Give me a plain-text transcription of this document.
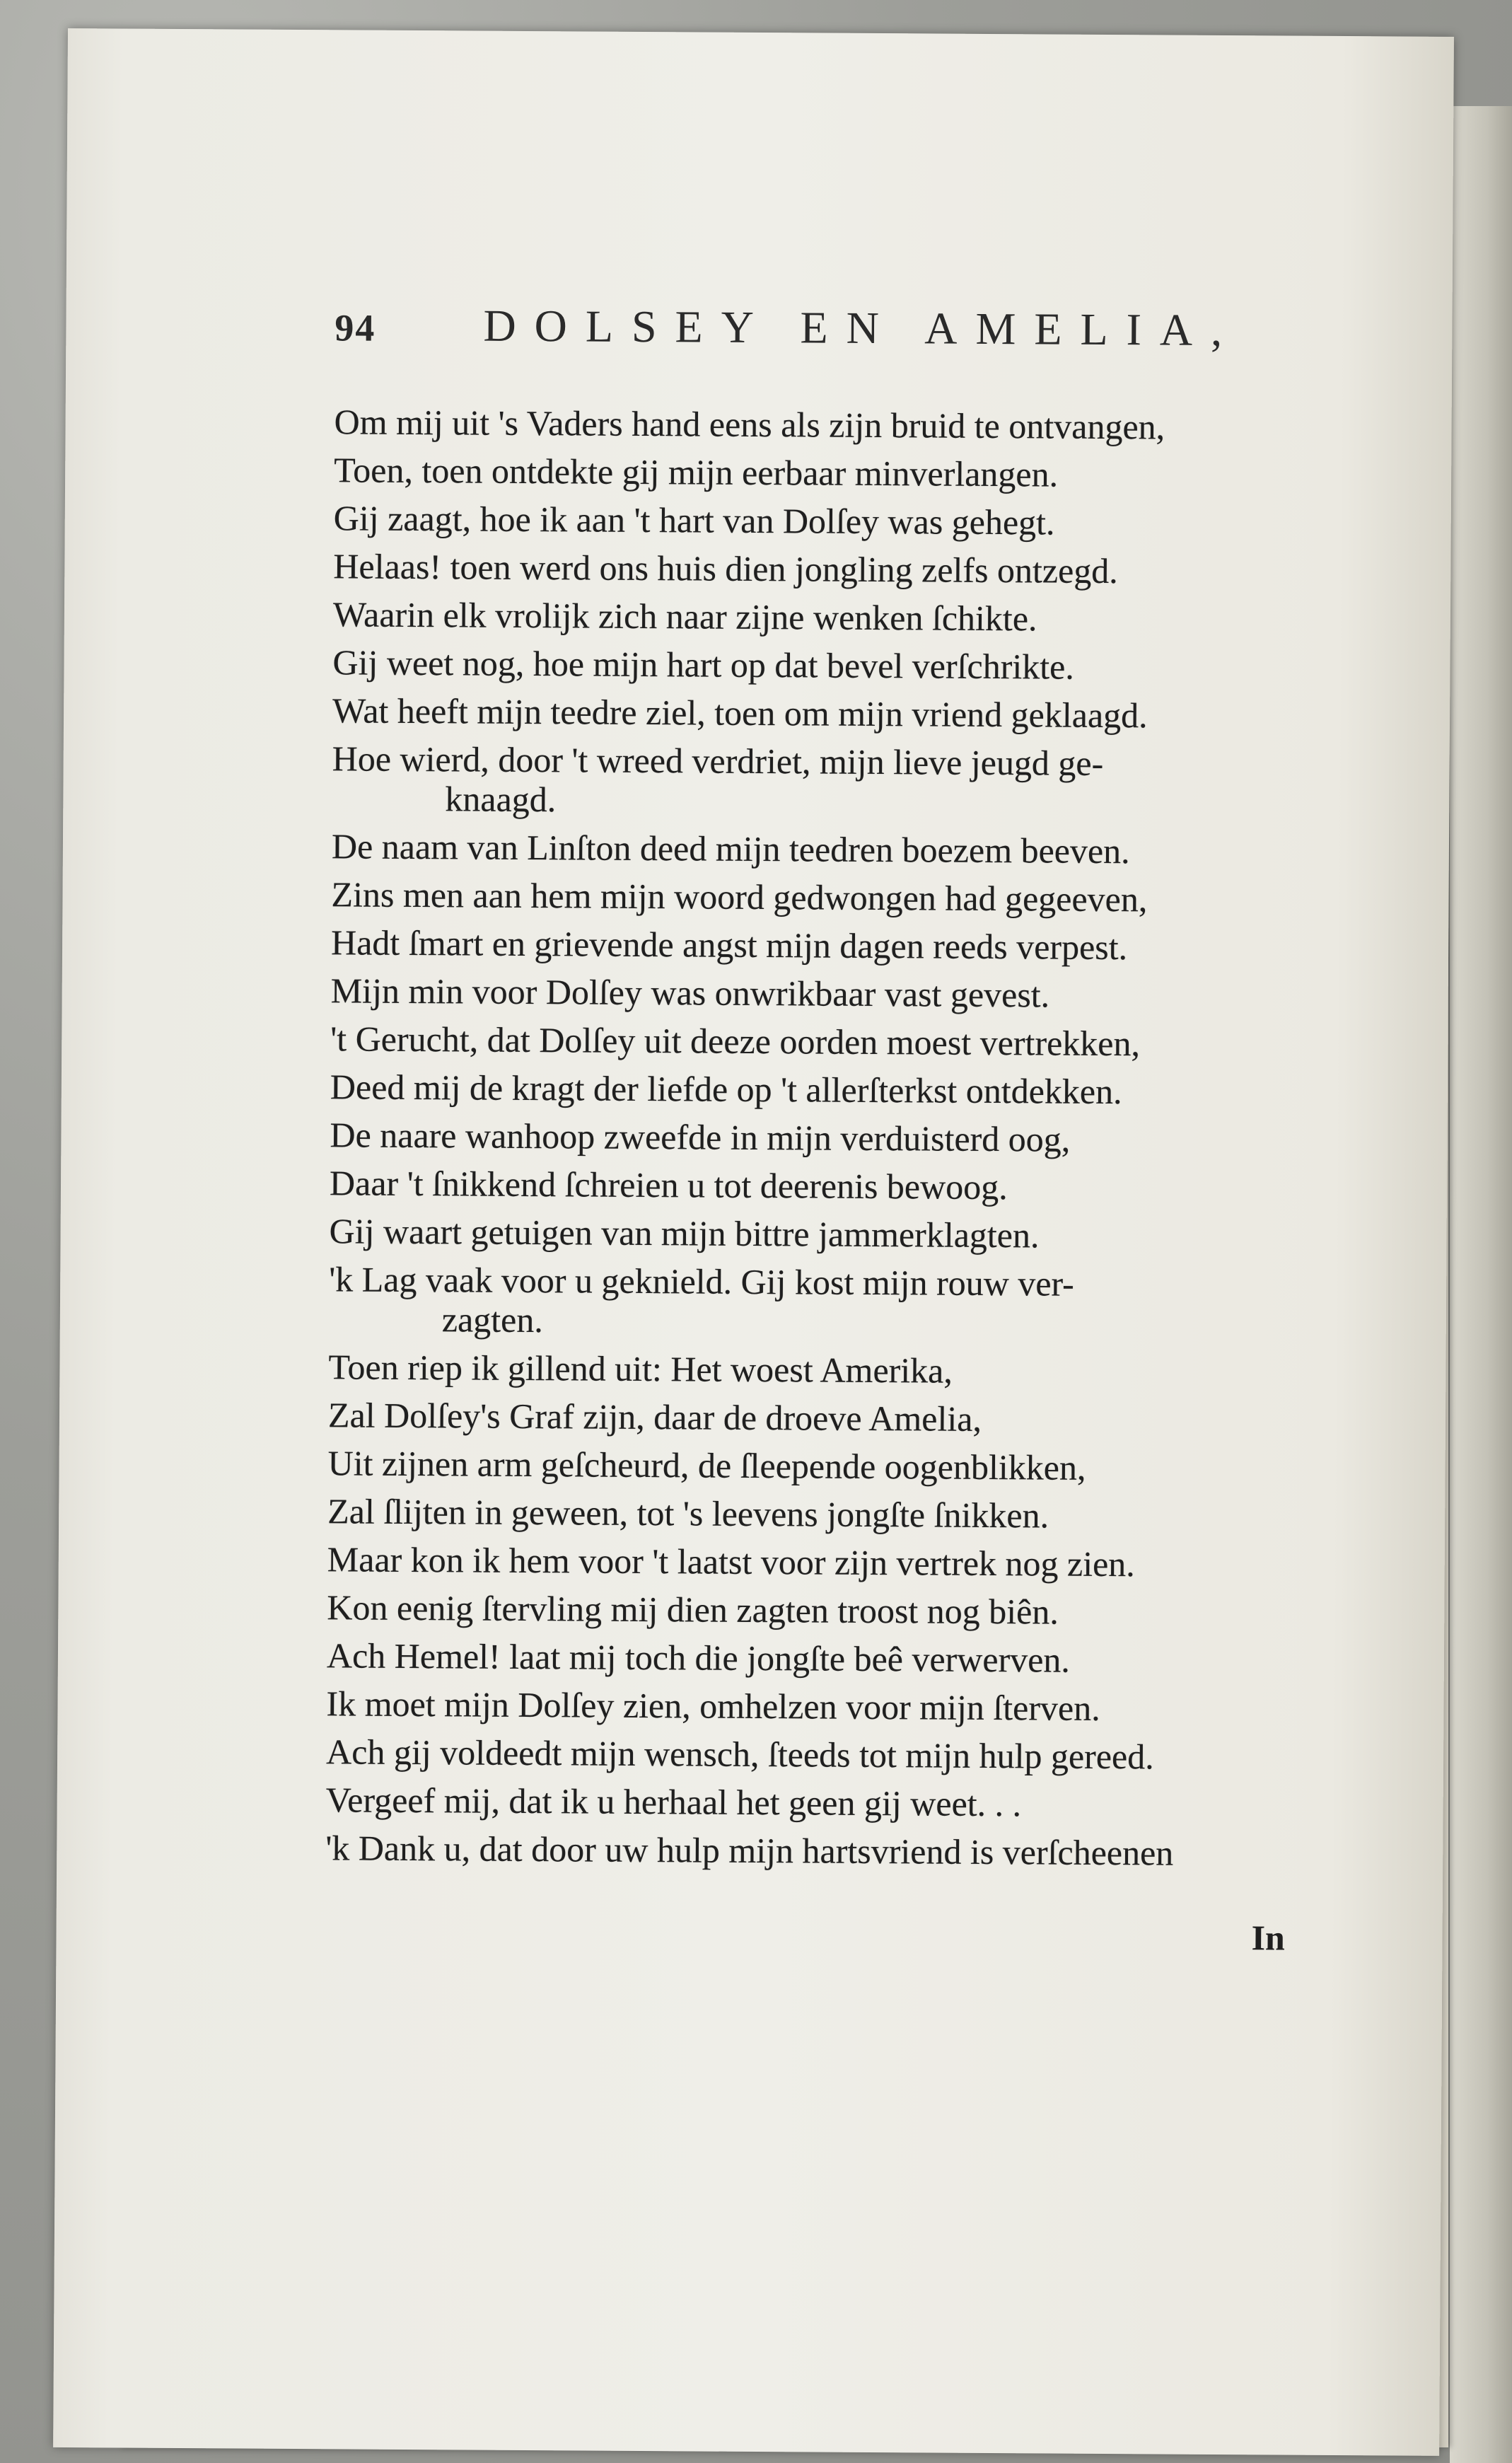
94 DOLSEY EN AMELIA,
Om mij uit 's Vaders hand eens als zijn bruid te ontvangen,
Toen, toen ontdekte gij mijn eerbaar minverlangen.
Gij zaagt, hoe ik aan 't hart van Dolſey was gehegt.
Helaas! toen werd ons huis dien jongling zelfs ontzegd.
Waarin elk vrolijk zich naar zijne wenken ſchikte.
Gij weet nog, hoe mijn hart op dat bevel verſchrikte.
Wat heeft mijn teedre ziel, toen om mijn vriend geklaagd.
Hoe wierd, door 't wreed verdriet, mijn lieve jeugd ge-
knaagd.
De naam van Linſton deed mijn teedren boezem beeven.
Zins men aan hem mijn woord gedwongen had gegeeven,
Hadt ſmart en grievende angst mijn dagen reeds verpest.
Mijn min voor Dolſey was onwrikbaar vast gevest.
't Gerucht, dat Dolſey uit deeze oorden moest vertrekken,
Deed mij de kragt der liefde op 't allerſterkst ontdekken.
De naare wanhoop zweefde in mijn verduisterd oog,
Daar 't ſnikkend ſchreien u tot deerenis bewoog.
Gij waart getuigen van mijn bittre jammerklagten.
'k Lag vaak voor u geknield. Gij kost mijn rouw ver-
zagten.
Toen riep ik gillend uit: Het woest Amerika,
Zal Dolſey's Graf zijn, daar de droeve Amelia,
Uit zijnen arm geſcheurd, de ſleepende oogenblikken,
Zal ſlijten in geween, tot 's leevens jongſte ſnikken.
Maar kon ik hem voor 't laatst voor zijn vertrek nog zien.
Kon eenig ſtervling mij dien zagten troost nog biên.
Ach Hemel! laat mij toch die jongſte beê verwerven.
Ik moet mijn Dolſey zien, omhelzen voor mijn ſterven.
Ach gij voldeedt mijn wensch, ſteeds tot mijn hulp gereed.
Vergeef mij, dat ik u herhaal het geen gij weet. . .
'k Dank u, dat door uw hulp mijn hartsvriend is verſcheenen
In
